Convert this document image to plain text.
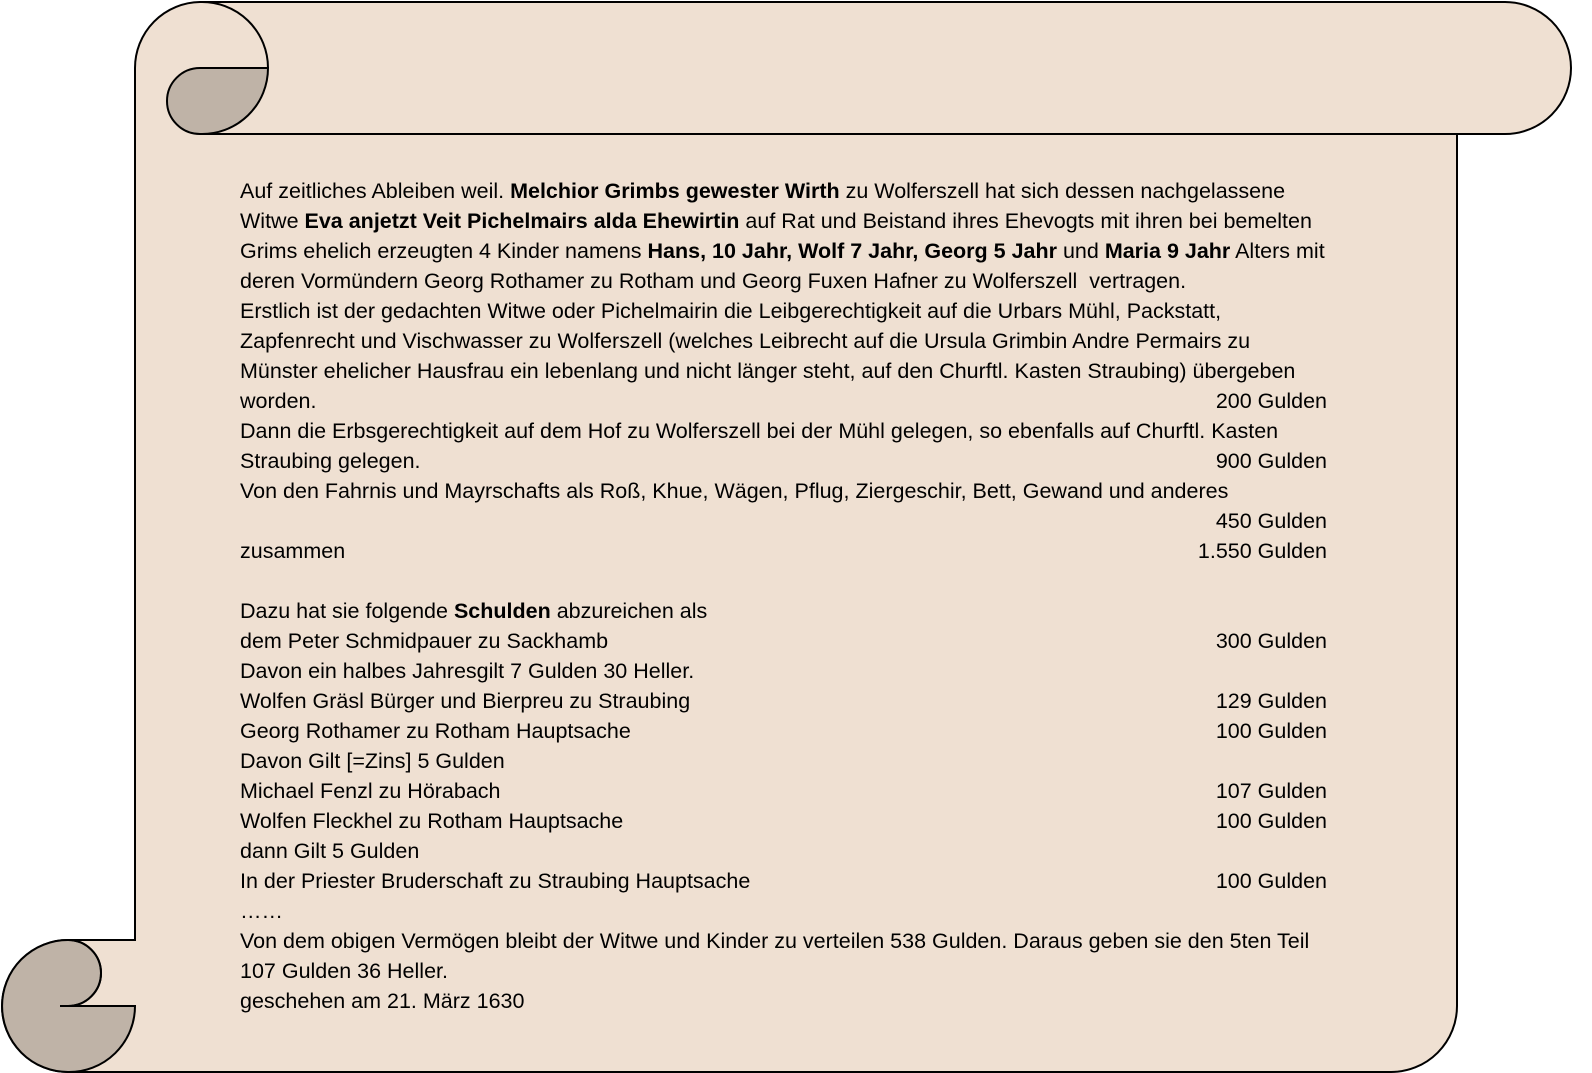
Auf zeitliches Ableiben weil. Melchior Grimbs gewester Wirth zu Wolferszell hat sich dessen nachgelassene
Witwe Eva anjetzt Veit Pichelmairs alda Ehewirtin auf Rat und Beistand ihres Ehevogts mit ihren bei bemelten
Grims ehelich erzeugten 4 Kinder namens Hans, 10 Jahr, Wolf 7 Jahr, Georg 5 Jahr und Maria 9 Jahr Alters mit
deren Vormündern Georg Rothamer zu Rotham und Georg Fuxen Hafner zu Wolferszell  vertragen.
Erstlich ist der gedachten Witwe oder Pichelmairin die Leibgerechtigkeit auf die Urbars Mühl, Packstatt,
Zapfenrecht und Vischwasser zu Wolferszell (welches Leibrecht auf die Ursula Grimbin Andre Permairs zu
Münster ehelicher Hausfrau ein lebenlang und nicht länger steht, auf den Churftl. Kasten Straubing) übergeben
worden.	200 Gulden
Dann die Erbsgerechtigkeit auf dem Hof zu Wolferszell bei der Mühl gelegen, so ebenfalls auf Churftl. Kasten
Straubing gelegen.	900 Gulden
Von den Fahrnis und Mayrschafts als Roß, Khue, Wägen, Pflug, Ziergeschir, Bett, Gewand und anderes
450 Gulden
zusammen	1.550 Gulden
Dazu hat sie folgende Schulden abzureichen als
dem Peter Schmidpauer zu Sackhamb	300 Gulden
Davon ein halbes Jahresgilt 7 Gulden 30 Heller.
Wolfen Gräsl Bürger und Bierpreu zu Straubing	129 Gulden
Georg Rothamer zu Rotham Hauptsache	100 Gulden
Davon Gilt [=Zins] 5 Gulden
Michael Fenzl zu Hörabach	107 Gulden
Wolfen Fleckhel zu Rotham Hauptsache	100 Gulden
dann Gilt 5 Gulden
In der Priester Bruderschaft zu Straubing Hauptsache	100 Gulden
……
Von dem obigen Vermögen bleibt der Witwe und Kinder zu verteilen 538 Gulden. Daraus geben sie den 5ten Teil
107 Gulden 36 Heller.
geschehen am 21. März 1630
